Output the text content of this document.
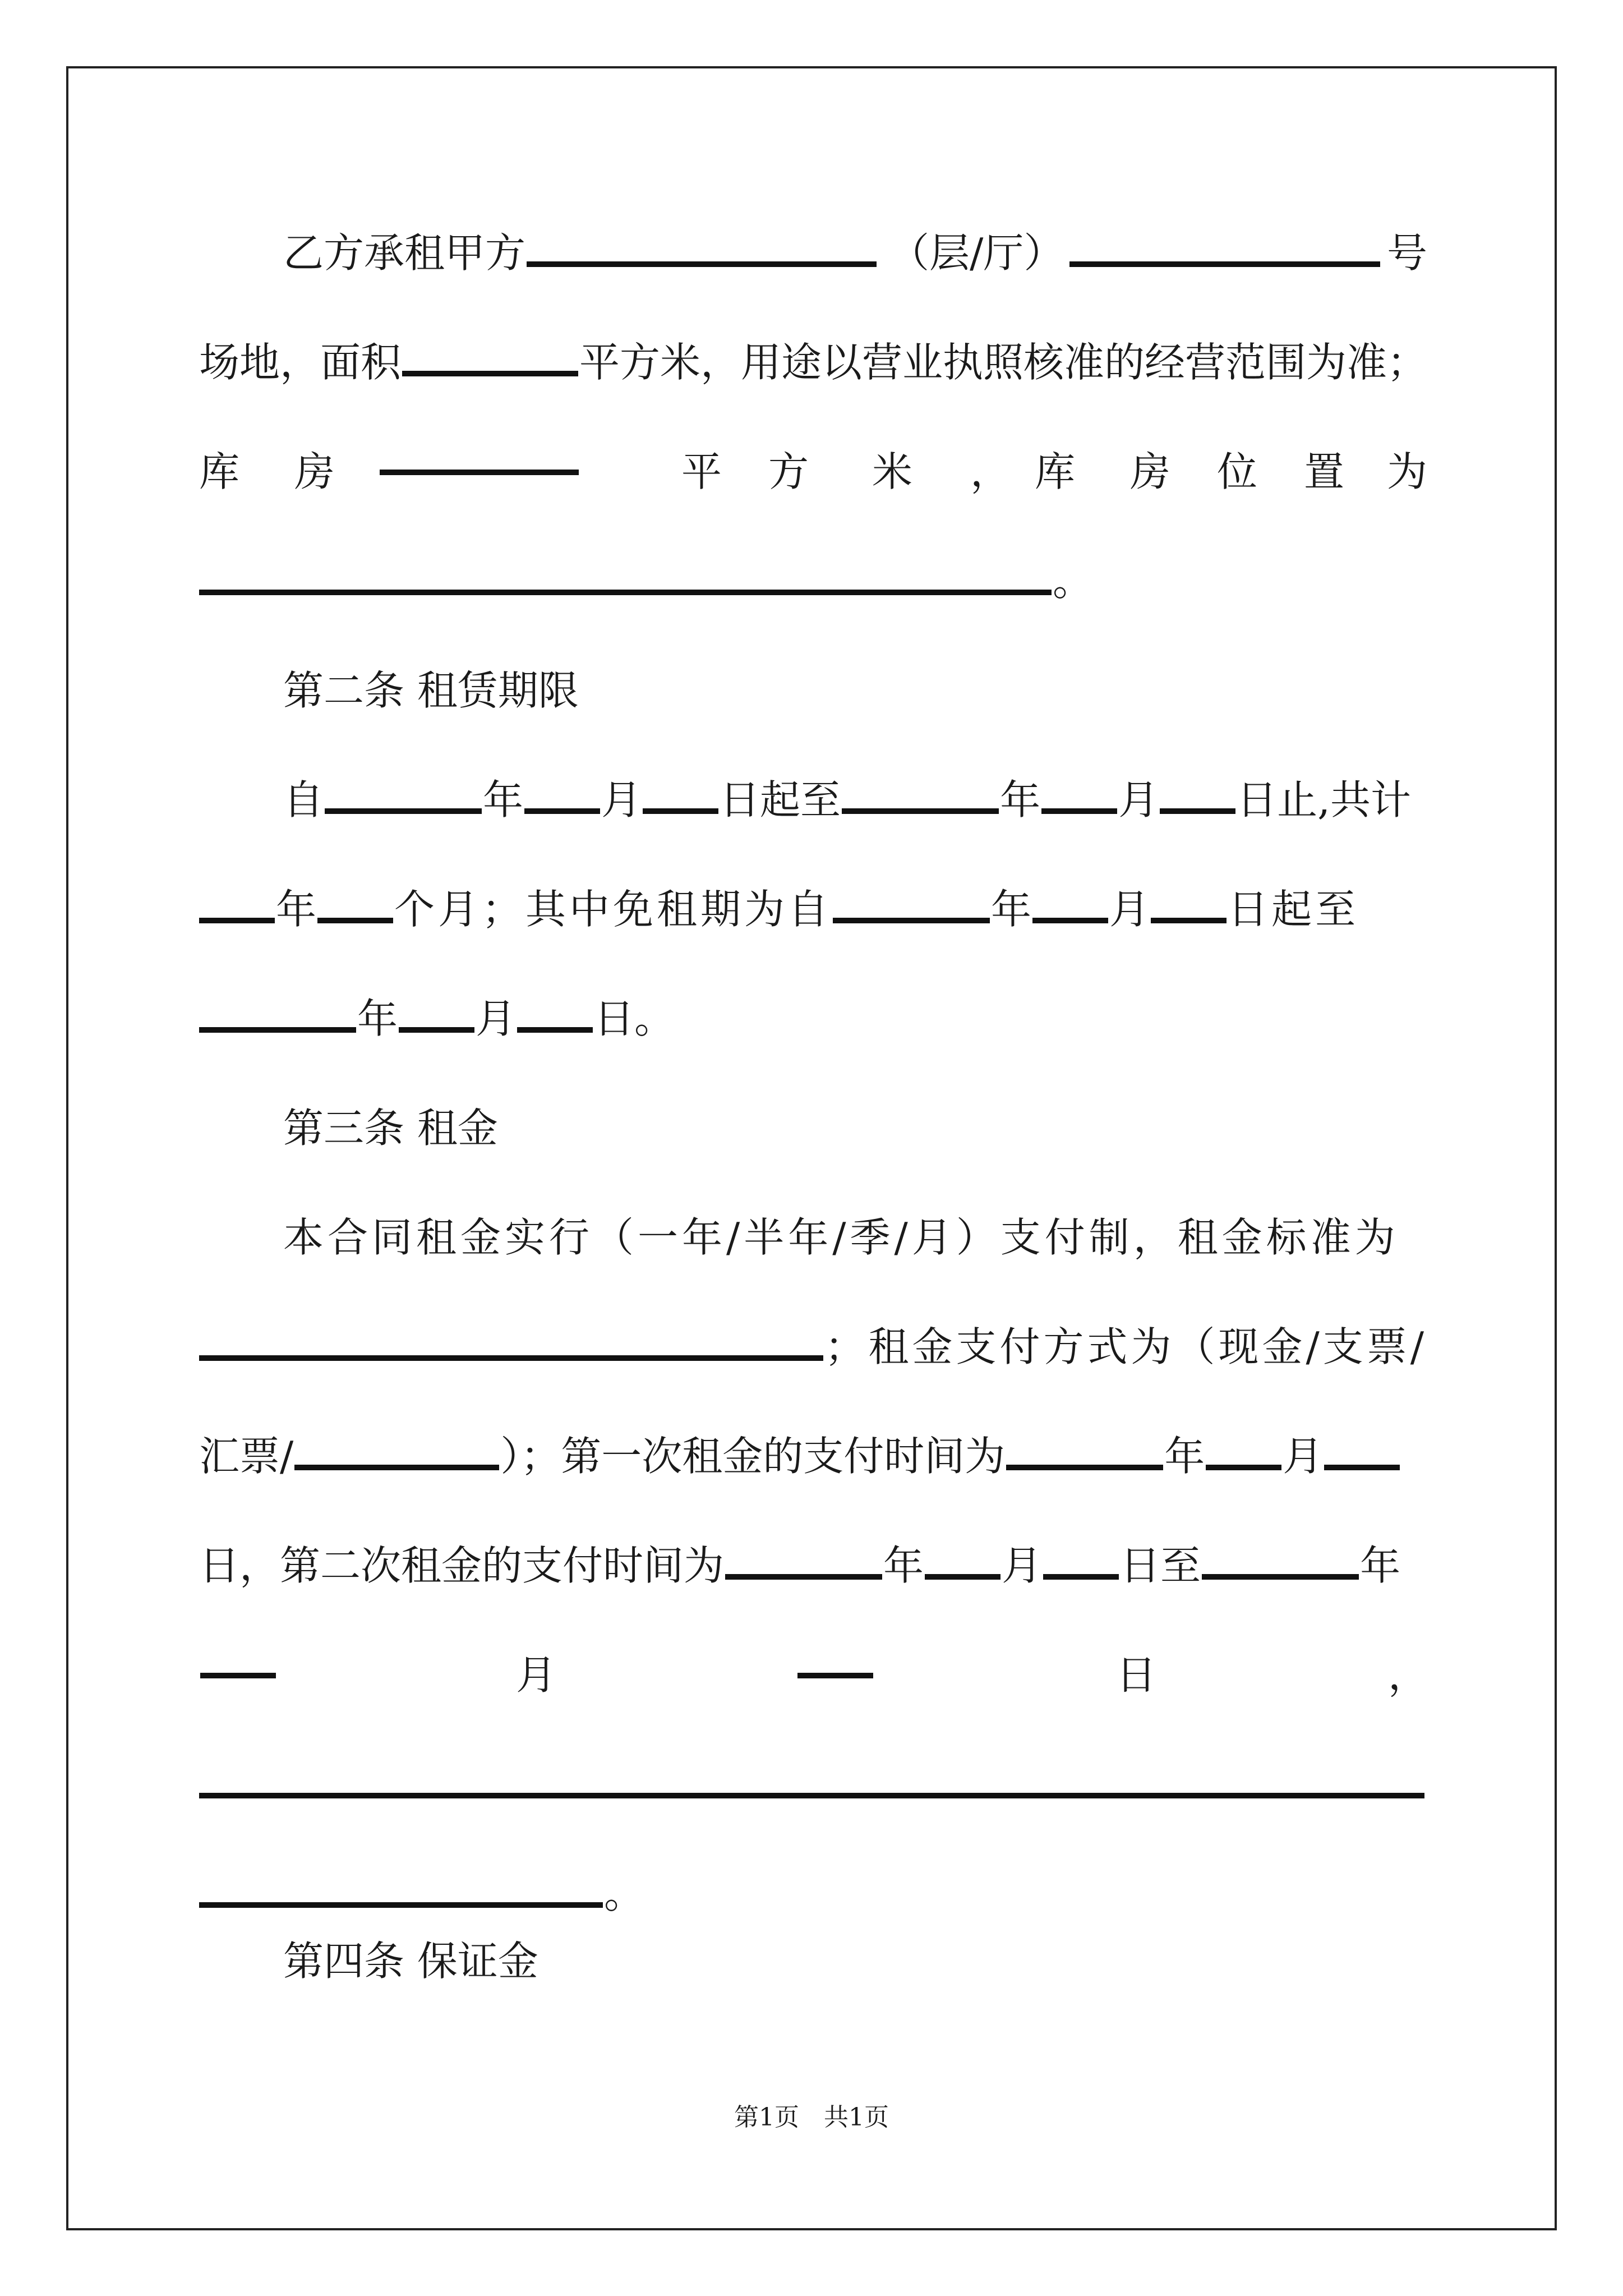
乙方承租甲方	（层/厅）	号
场地，面积	平方米，用途以营业执照核准的经营范围为准；
库 房	平 方 米 ， 库 房 位 置 为
。
第二条 租赁期限
自	年 月 日起至	年 月 日止,共计
年 个月；其中免租期为自	年 月 日起至
年 月 日。
第三条 租金
本合同租金实行（一年/半年/季/月）支付制，租金标准为
；租金支付方式为（现金/支票/
汇票/	）；第一次租金的支付时间为	年 月
日，第二次租金的支付时间为	年 月 日至	年
月	日	，
。
第四条 保证金
第1页　共1页
